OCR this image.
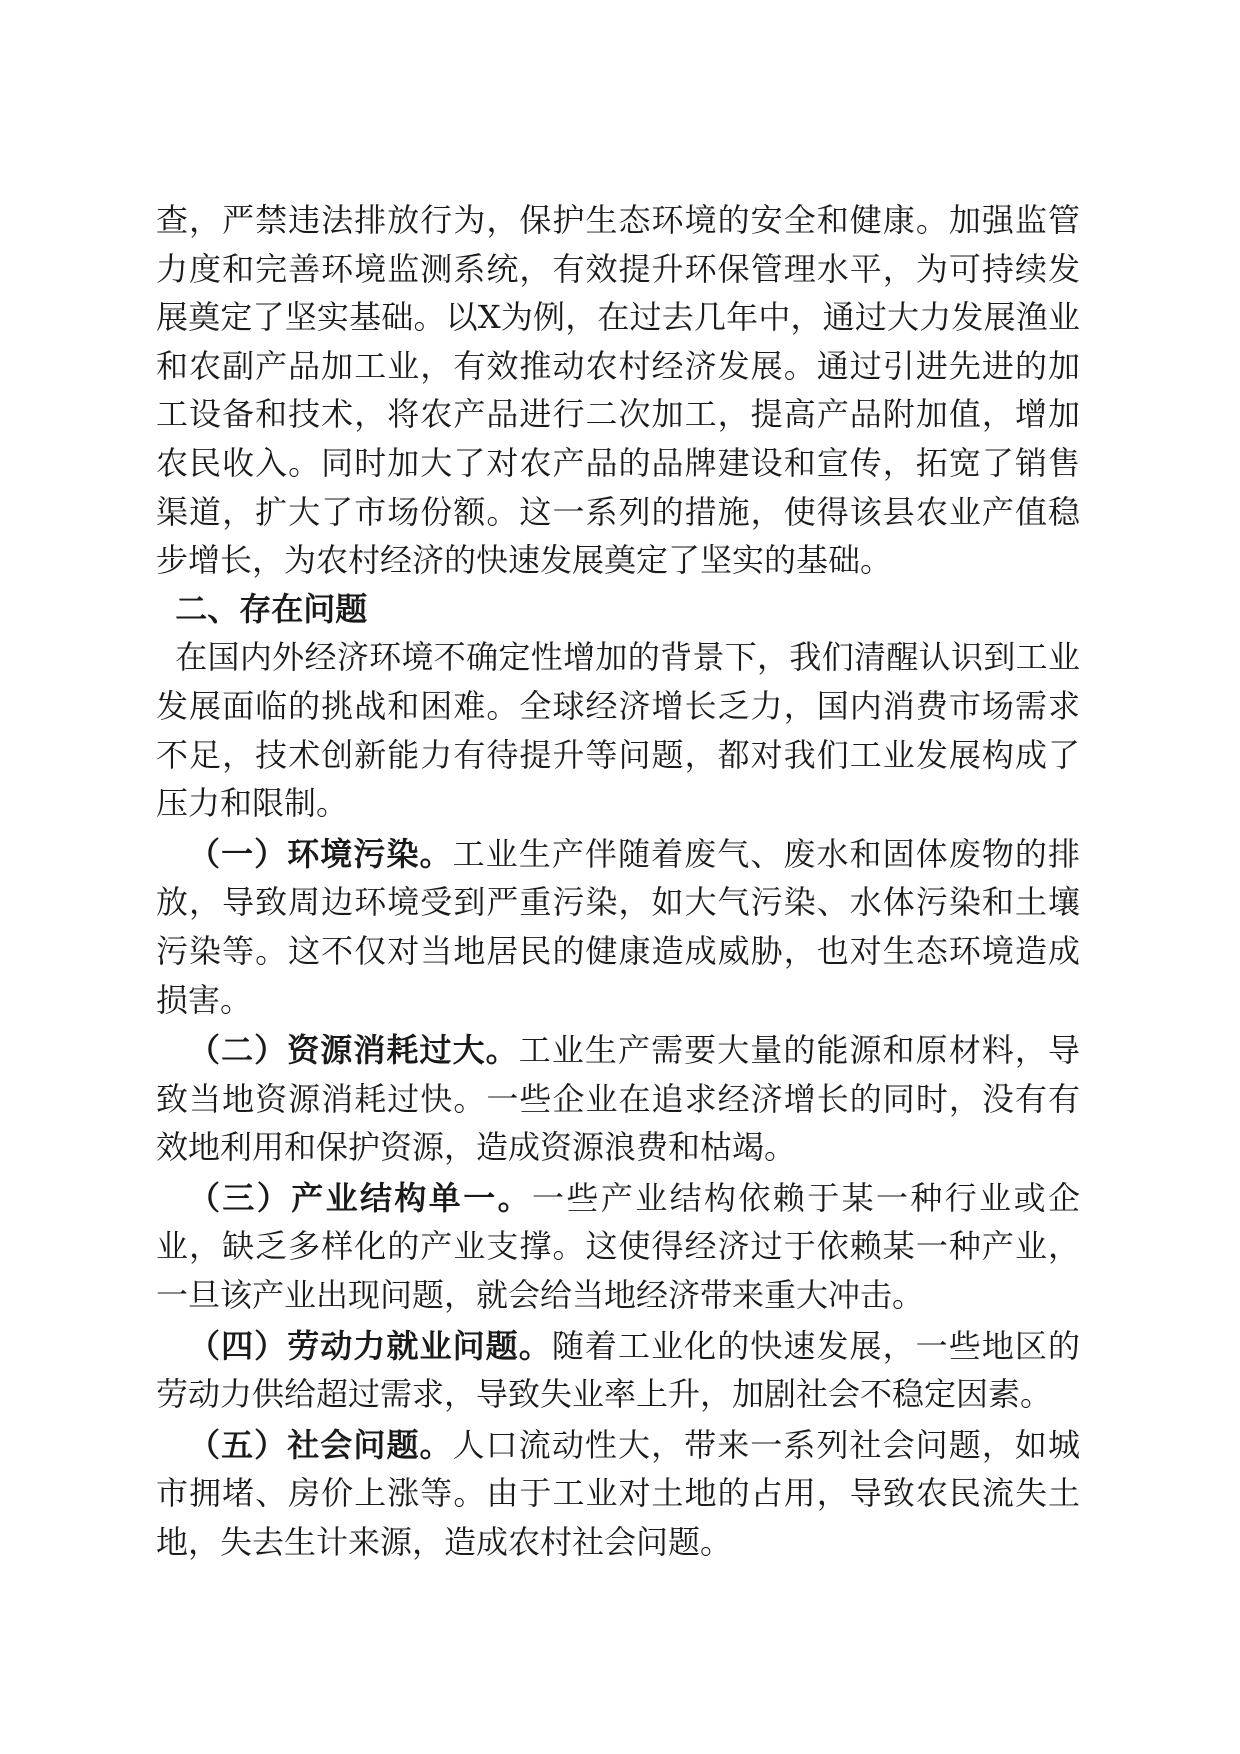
查，严禁违法排放行为，保护生态环境的安全和健康。加强监管力度和完善环境监测系统，有效提升环保管理水平，为可持续发展奠定了坚实基础。以X为例，在过去几年中，通过大力发展渔业和农副产品加工业，有效推动农村经济发展。通过引进先进的加工设备和技术，将农产品进行二次加工，提高产品附加值，增加农民收入。同时加大了对农产品的品牌建设和宣传，拓宽了销售渠道，扩大了市场份额。这一系列的措施，使得该县农业产值稳步增长，为农村经济的快速发展奠定了坚实的基础。

二、存在问题

在国内外经济环境不确定性增加的背景下，我们清醒认识到工业发展面临的挑战和困难。全球经济增长乏力，国内消费市场需求不足，技术创新能力有待提升等问题，都对我们工业发展构成了压力和限制。

（一）环境污染。工业生产伴随着废气、废水和固体废物的排放，导致周边环境受到严重污染，如大气污染、水体污染和土壤污染等。这不仅对当地居民的健康造成威胁，也对生态环境造成损害。

（二）资源消耗过大。工业生产需要大量的能源和原材料，导致当地资源消耗过快。一些企业在追求经济增长的同时，没有有效地利用和保护资源，造成资源浪费和枯竭。

（三）产业结构单一。一些产业结构依赖于某一种行业或企业，缺乏多样化的产业支撑。这使得经济过于依赖某一种产业，一旦该产业出现问题，就会给当地经济带来重大冲击。

（四）劳动力就业问题。随着工业化的快速发展，一些地区的劳动力供给超过需求，导致失业率上升，加剧社会不稳定因素。

（五）社会问题。人口流动性大，带来一系列社会问题，如城市拥堵、房价上涨等。由于工业对土地的占用，导致农民流失土地，失去生计来源，造成农村社会问题。
